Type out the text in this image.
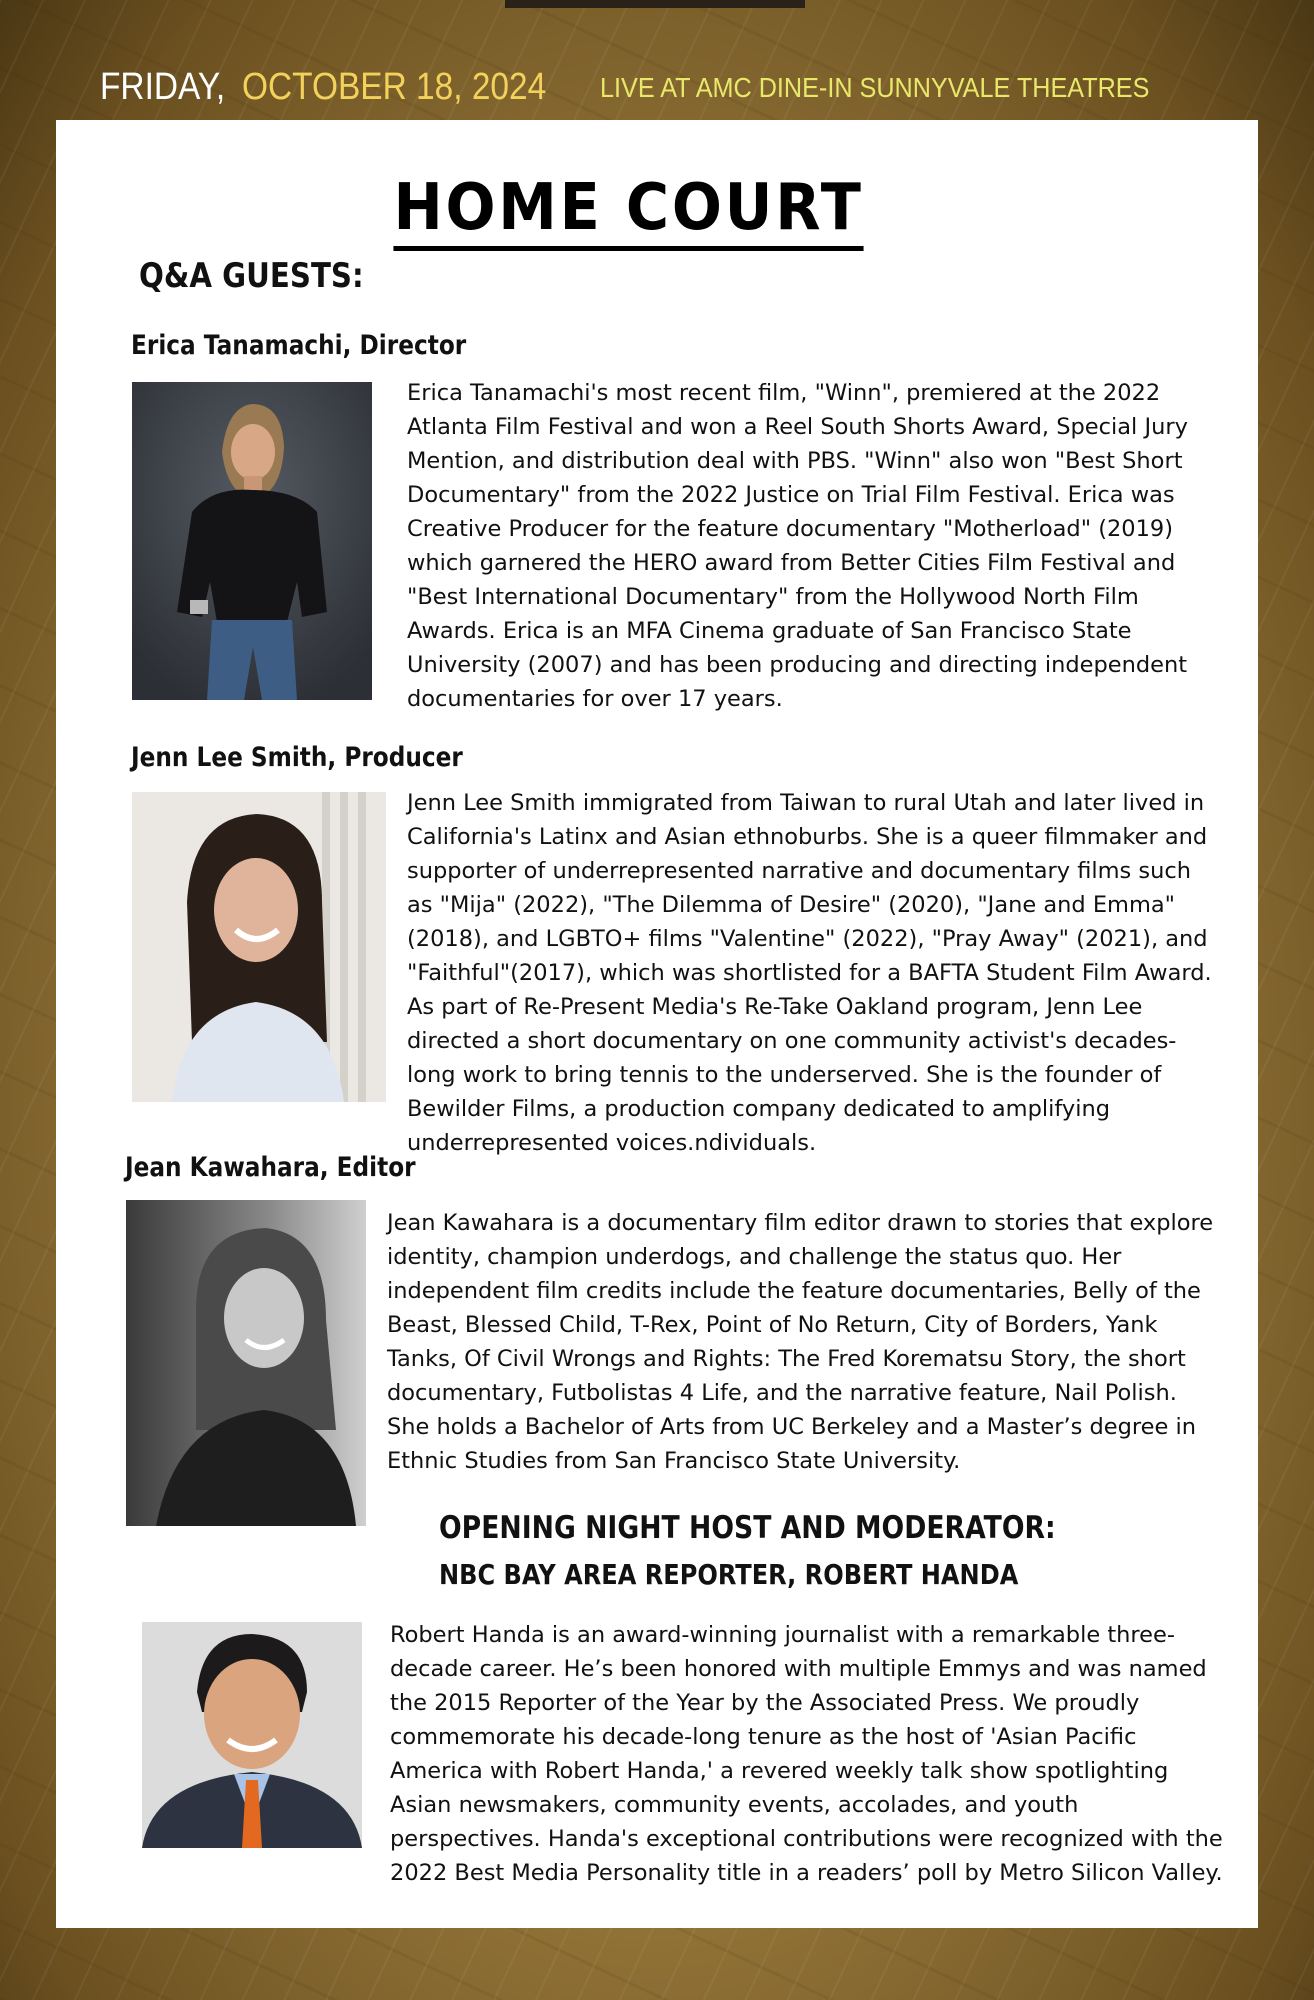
FRIDAY, OCTOBER 18, 2024 LIVE AT AMC DINE-IN SUNNYVALE THEATRES
HOME COURT
Q&A GUESTS:
Erica Tanamachi, Director

Erica Tanamachi's most recent film, "Winn", premiered at the 2022 Atlanta Film Festival and won a Reel South Shorts Award, Special Jury Mention, and distribution deal with PBS. "Winn" also won "Best Short Documentary" from the 2022 Justice on Trial Film Festival. Erica was Creative Producer for the feature documentary "Motherload" (2019) which garnered the HERO award from Better Cities Film Festival and "Best International Documentary" from the Hollywood North Film Awards. Erica is an MFA Cinema graduate of San Francisco State University (2007) and has been producing and directing independent documentaries for over 17 years.

Jenn Lee Smith, Producer

Jenn Lee Smith immigrated from Taiwan to rural Utah and later lived in California's Latinx and Asian ethnoburbs. She is a queer filmmaker and supporter of underrepresented narrative and documentary films such as "Mija" (2022), "The Dilemma of Desire" (2020), "Jane and Emma" (2018), and LGBTO+ films "Valentine" (2022), "Pray Away" (2021), and "Faithful"(2017), which was shortlisted for a BAFTA Student Film Award. As part of Re-Present Media's Re-Take Oakland program, Jenn Lee directed a short documentary on one community activist's decades-long work to bring tennis to the underserved. She is the founder of Bewilder Films, a production company dedicated to amplifying underrepresented voices.ndividuals.

Jean Kawahara, Editor

Jean Kawahara is a documentary film editor drawn to stories that explore identity, champion underdogs, and challenge the status quo. Her independent film credits include the feature documentaries, Belly of the Beast, Blessed Child, T-Rex, Point of No Return, City of Borders, Yank Tanks, Of Civil Wrongs and Rights: The Fred Korematsu Story, the short documentary, Futbolistas 4 Life, and the narrative feature, Nail Polish. She holds a Bachelor of Arts from UC Berkeley and a Master’s degree in Ethnic Studies from San Francisco State University.

OPENING NIGHT HOST AND MODERATOR:
NBC BAY AREA REPORTER, ROBERT HANDA

Robert Handa is an award-winning journalist with a remarkable three-decade career. He’s been honored with multiple Emmys and was named the 2015 Reporter of the Year by the Associated Press. We proudly commemorate his decade-long tenure as the host of 'Asian Pacific America with Robert Handa,' a revered weekly talk show spotlighting Asian newsmakers, community events, accolades, and youth perspectives. Handa's exceptional contributions were recognized with the 2022 Best Media Personality title in a readers’ poll by Metro Silicon Valley.
